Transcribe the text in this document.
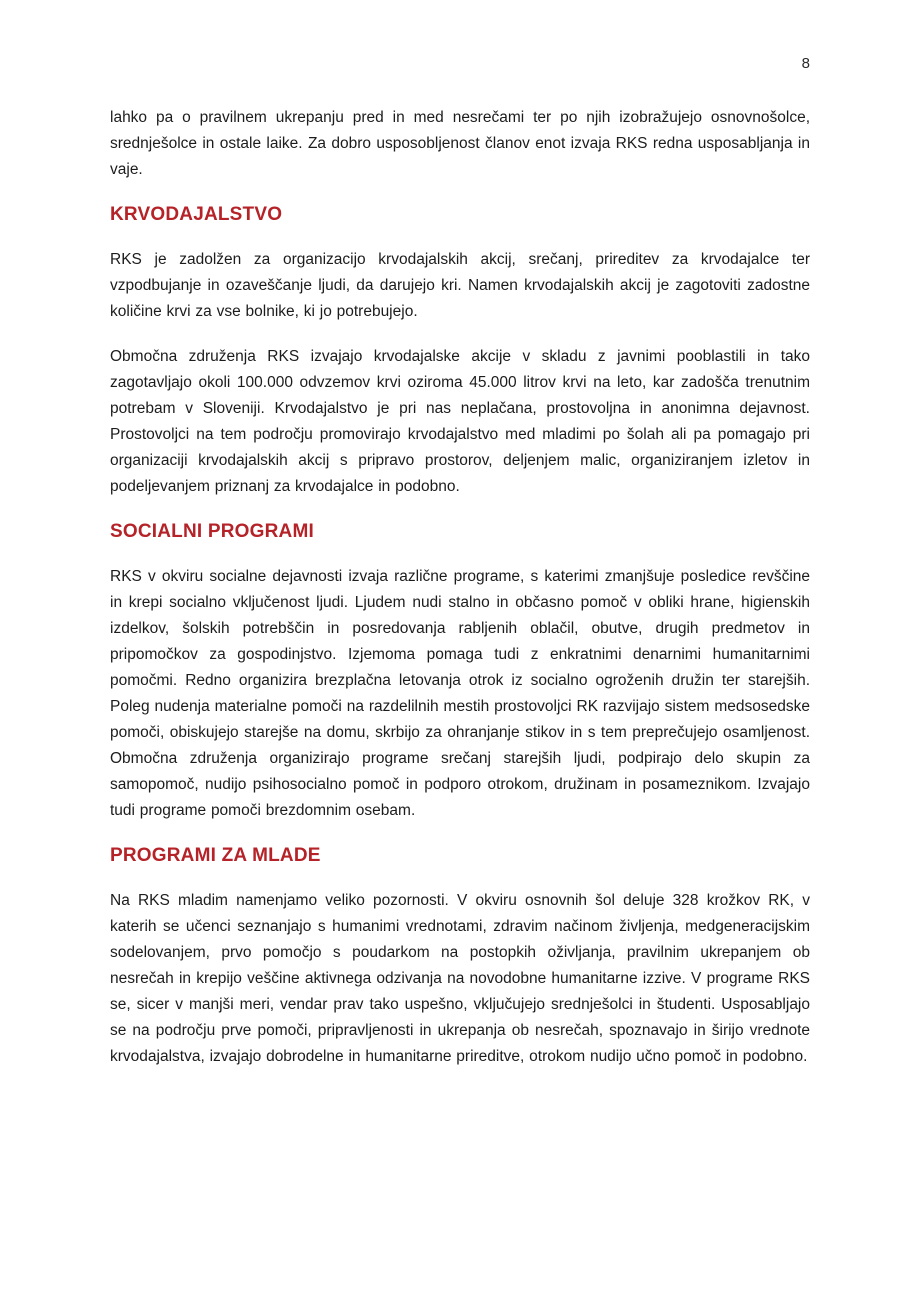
8

lahko pa o pravilnem ukrepanju pred in med nesrečami ter po njih izobražujejo osnovnošolce, srednješolce in ostale laike. Za dobro usposobljenost članov enot izvaja RKS redna usposabljanja in vaje.

KRVODAJALSTVO

RKS je zadolžen za organizacijo krvodajalskih akcij, srečanj, prireditev za krvodajalce ter vzpodbujanje in ozaveščanje ljudi, da darujejo kri. Namen krvodajalskih akcij je zagotoviti zadostne količine krvi za vse bolnike, ki jo potrebujejo.

Območna združenja RKS izvajajo krvodajalske akcije v skladu z javnimi pooblastili in tako zagotavljajo okoli 100.000 odvzemov krvi oziroma 45.000 litrov krvi na leto, kar zadošča trenutnim potrebam v Sloveniji. Krvodajalstvo je pri nas neplačana, prostovoljna in anonimna dejavnost. Prostovoljci na tem področju promovirajo krvodajalstvo med mladimi po šolah ali pa pomagajo pri organizaciji krvodajalskih akcij s pripravo prostorov, deljenjem malic, organiziranjem izletov in podeljevanjem priznanj za krvodajalce in podobno.

SOCIALNI PROGRAMI

RKS v okviru socialne dejavnosti izvaja različne programe, s katerimi zmanjšuje posledice revščine in krepi socialno vključenost ljudi. Ljudem nudi stalno in občasno pomoč v obliki hrane, higienskih izdelkov, šolskih potrebščin in posredovanja rabljenih oblačil, obutve, drugih predmetov in pripomočkov za gospodinjstvo. Izjemoma pomaga tudi z enkratnimi denarnimi humanitarnimi pomočmi. Redno organizira brezplačna letovanja otrok iz socialno ogroženih družin ter starejših. Poleg nudenja materialne pomoči na razdelilnih mestih prostovoljci RK razvijajo sistem medsosedske pomoči, obiskujejo starejše na domu, skrbijo za ohranjanje stikov in s tem preprečujejo osamljenost. Območna združenja organizirajo programe srečanj starejših ljudi, podpirajo delo skupin za samopomoč, nudijo psihosocialno pomoč in podporo otrokom, družinam in posameznikom. Izvajajo tudi programe pomoči brezdomnim osebam.

PROGRAMI ZA MLADE

Na RKS mladim namenjamo veliko pozornosti. V okviru osnovnih šol deluje 328 krožkov RK, v katerih se učenci seznanjajo s humanimi vrednotami, zdravim načinom življenja, medgeneracijskim sodelovanjem, prvo pomočjo s poudarkom na postopkih oživljanja, pravilnim ukrepanjem ob nesrečah in krepijo veščine aktivnega odzivanja na novodobne humanitarne izzive. V programe RKS se, sicer v manjši meri, vendar prav tako uspešno, vključujejo srednješolci in študenti. Usposabljajo se na področju prve pomoči, pripravljenosti in ukrepanja ob nesrečah, spoznavajo in širijo vrednote krvodajalstva, izvajajo dobrodelne in humanitarne prireditve, otrokom nudijo učno pomoč in podobno.
